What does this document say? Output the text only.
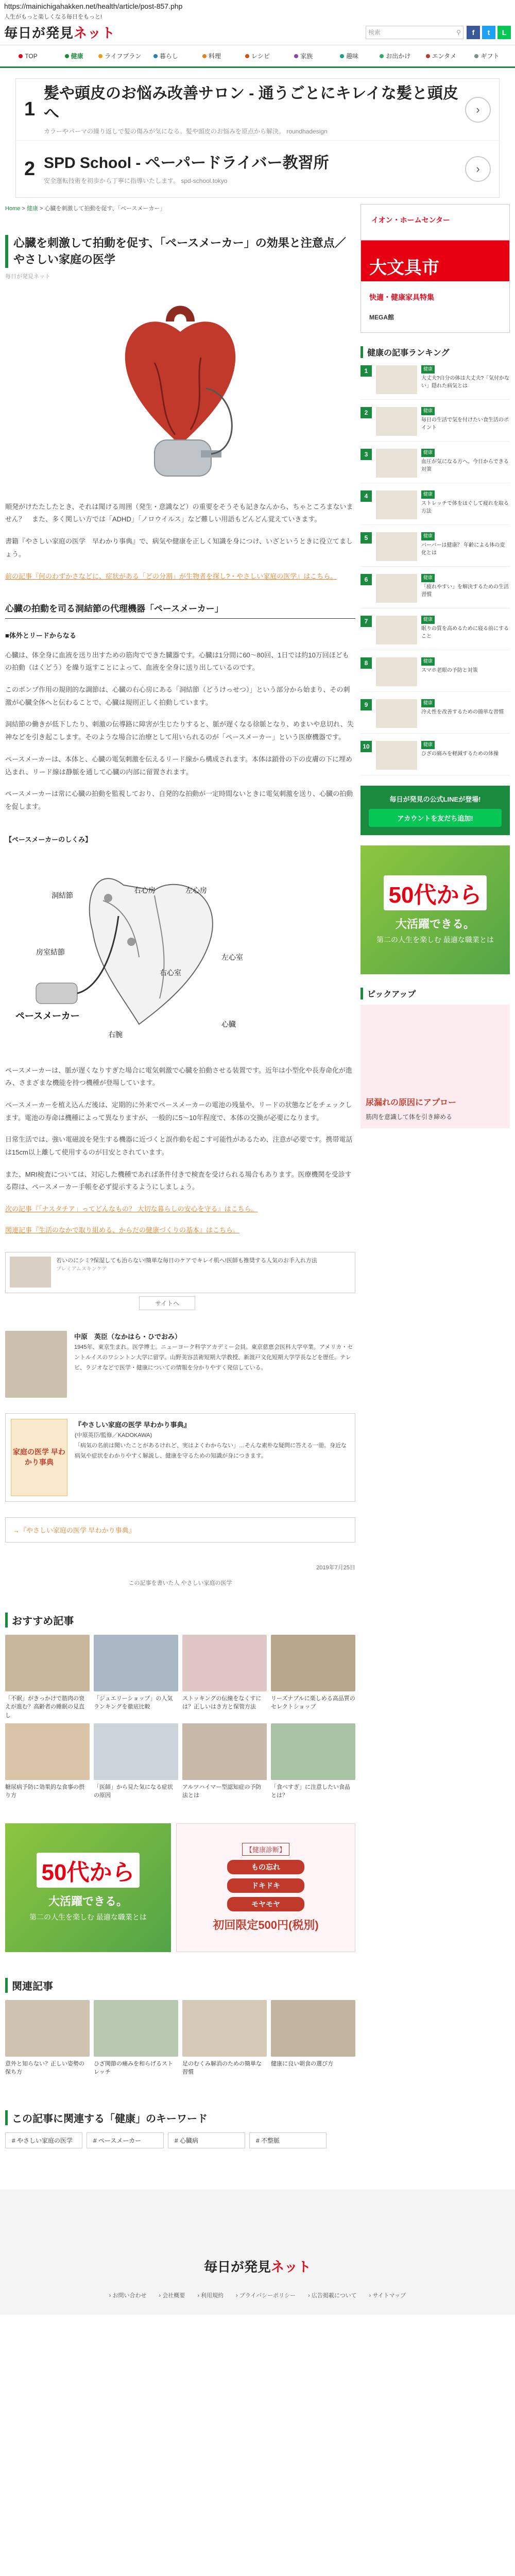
https://mainichigahakken.net/health/article/post-857.php
人生がもっと楽しくなる毎日をもっと!
毎日が発見ネット	検索	⚲	f	t	L
TOP	健康	ライフプラン	暮らし	料理	レシピ	家族	趣味	お出かけ	エンタメ	ギフト
1
髪や頭皮のお悩み改善サロン - 通うごとにキレイな髪と頭皮へ
カラーやパーマの繰り返しで髪の傷みが気になる。髪や頭皮のお悩みを原点から解決。 roundhadesign
›
2 SPD School - ペーパードライバー教習所
安全運転技術を初歩から丁寧に指導いたします。 spd-school.tokyo
›
Home > 健康 > 心臓を刺激して拍動を促す、「ペースメーカー」
心臓を刺激して拍動を促す、「ペースメーカー」の効果と注意点／やさしい家庭の医学
毎日が発見ネット

順発がけたたしたとき、それは聞ける周囲（発生・意識など）の重要をそうそも記きなんから、ちゃところまないません？　また、多く関しい方では「ADHD」「ノロウイルス」など難しい用語もどんどん覚えていきます。

書籍『やさしい家庭の医学　早わかり事典』で、病気や健康を正しく知識を身につけ、いざというときに役立てましょう。

前の記事『何のわずかさなどに、症状がある「どの分割」が生物者を探し?・やさしい家庭の医学』はこちら。

心臓の拍動を司る洞結節の代理機器「ペースメーカー」
■体外とリードからなる

心臓は、体全身に血液を送り出すための筋肉でできた臓器です。心臓は1分間に60～80回、1日では約10万回ほどもの拍動（はくどう）を繰り返すことによって、血液を全身に送り出しているのです。

このポンプ作用の規則的な調節は、心臓の右心房にある「洞結節（どうけっせつ）」という部分から始まり、その刺激が心臓全体へと伝わることで、心臓は規則正しく拍動しています。

洞結節の働きが低下したり、刺激の伝導路に障害が生じたりすると、脈が遅くなる徐脈となり、めまいや息切れ、失神などを引き起こします。そのような場合に治療として用いられるのが「ペースメーカー」という医療機器です。

ペースメーカーは、本体と、心臓の電気刺激を伝えるリード線から構成されます。本体は鎖骨の下の皮膚の下に埋め込まれ、リード線は静脈を通して心臓の内部に留置されます。

ペースメーカーは常に心臓の拍動を監視しており、自発的な拍動が一定時間ないときに電気刺激を送り、心臓の拍動を促します。

【ペースメーカーのしくみ】
洞結節
右心房	左心房
房室結節
左心室
右心室
ペースメーカー
右腕
心臓

ペースメーカーは、脈が遅くなりすぎた場合に電気刺激で心臓を拍動させる装置です。近年は小型化や長寿命化が進み、さまざまな機能を持つ機種が登場しています。

ペースメーカーを植え込んだ後は、定期的に外来でペースメーカーの電池の残量や、リードの状態などをチェックします。電池の寿命は機種によって異なりますが、一般的に5～10年程度で、本体の交換が必要になります。

日常生活では、強い電磁波を発生する機器に近づくと誤作動を起こす可能性があるため、注意が必要です。携帯電話は15cm以上離して使用するのが目安とされています。

また、MRI検査については、対応した機種であれば条件付きで検査を受けられる場合もあります。医療機関を受診する際は、ペースメーカー手帳を必ず提示するようにしましょう。

次の記事『「ナスタチア」ってどんなもの？ 大切な暮らしの安心を守る』はこちら。

関連記事『生活のなかで取り組める、からだの健康づくりの基本』はこちら。

若いのにシミ?保湿しても治らない!簡単な毎日のケアでキレイ肌へ!医師も推奨する人気のお手入れ方法
プレミアムスキンケア
サイトへ
中原　英臣（なかはら・ひでおみ）
1945年、東京生まれ。医学博士。ニューヨーク科学アカデミー会員。東京慈恵会医科大学卒業。アメリカ・セントルイスのワシントン大学に留学。山野美容芸術短期大学教授、新渡戸文化短期大学学長などを歴任。テレビ、ラジオなどで医学・健康についての情報を分かりやすく発信している。
家庭の医学 早わかり事典
『やさしい家庭の医学 早わかり事典』
(中原英臣/監修／KADOKAWA)
「病気の名前は聞いたことがあるけれど、実はよくわからない」…そんな素朴な疑問に答える一冊。身近な病気や症状をわかりやすく解説し、健康を守るための知識が身につきます。
→『やさしい家庭の医学 早わかり事典』
2019年7月25日
この記事を書いた人 やさしい家庭の医学
おすすめ記事
「不眠」がきっかけで筋肉の衰えが進む？高齢者の睡眠の見直し
「ジュエリーショップ」の人気ランキングを徹底比較
ストッキングの伝線をなくすには？正しいはき方と保管方法
リーズナブルに楽しめる高品質のセレクトショップ
糖尿病予防に効果的な食事の摂り方
「医師」から見た気になる症状の原因
アルツハイマー型認知症の予防法とは
「食べすぎ」に注意したい食品とは？
50代から
大活躍できる。
第二の人生を楽しむ 最適な職業とは
【健康診断】
もの忘れ
ドキドキ
モヤモヤ
初回限定500円(税別)
関連記事
意外と知らない？正しい姿勢の保ち方
ひざ関節の痛みを和らげるストレッチ
足のむくみ解消のための簡単な習慣
健康に良い朝食の選び方
この記事に関連する「健康」のキーワード
# やさしい家庭の医学	# ペースメーカー	# 心臓病	# 不整脈
イオン・ホームセンター
大文具市
快適・健康家具特集
MEGA館
健康の記事ランキング
1	健康
大丈夫?自分の体は大丈夫?「気付かない」隠れた病気とは
2	健康
毎日の生活で気を付けたい食生活のポイント
3	健康
血圧が気になる方へ。今日からできる対策
4	健康
ストレッチで体をほぐして疲れを取る方法
5	健康
バーバーは健康？ 年齢による体の変化とは
6	健康
「疲れやすい」を解決するための生活習慣
7	健康
眠りの質を高めるために寝る前にすること
8	健康
スマホ老眼の予防と対策
9	健康
冷え性を改善するための簡単な習慣
10	健康
ひざの痛みを軽減するための体操
毎日が発見の公式LINEが登場!
アカウントを友だち追加!
50代から
大活躍できる。
第二の人生を楽しむ 最適な職業とは
ピックアップ
尿漏れの原因にアプロー
筋肉を意識して体を引き締める
毎日が発見ネット
› お問い合わせ › 会社概要 › 利用規約 › プライバシーポリシー › 広告掲載について › サイトマップ
